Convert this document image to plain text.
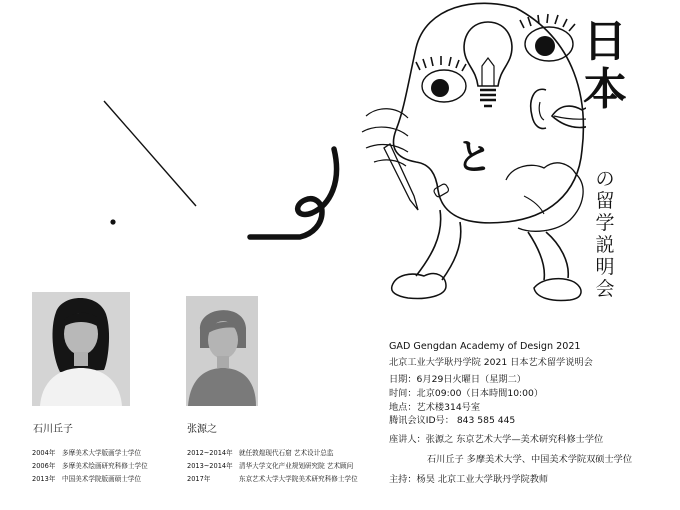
と
日
本
の
留
学
説
明
会
石川丘子	张源之
2004年 多摩美术大学版画学士学位
2006年 多摩美术绘画研究科修士学位
2013年 中国美术学院版画硕士学位
2012~2014年 就任敦煌现代石窟 艺术设计总监
2013~2014年 清华大学文化产业规划研究院 艺术顾问
2017年	东京艺术大学大学院美术研究科修士学位
GAD Gengdan Academy of Design 2021
北京工业大学耿丹学院 2021 日本艺术留学说明会
日期：6月29日火曜日（星期二）
时间：北京09:00（日本時間10:00）
地点：艺术楼314号室
腾讯会议ID号： 843 585 445
座讲人：张源之 东京艺术大学—美术研究科修士学位
石川丘子 多摩美术大学、中国美术学院双硕士学位
主持：杨昊 北京工业大学耿丹学院教师
